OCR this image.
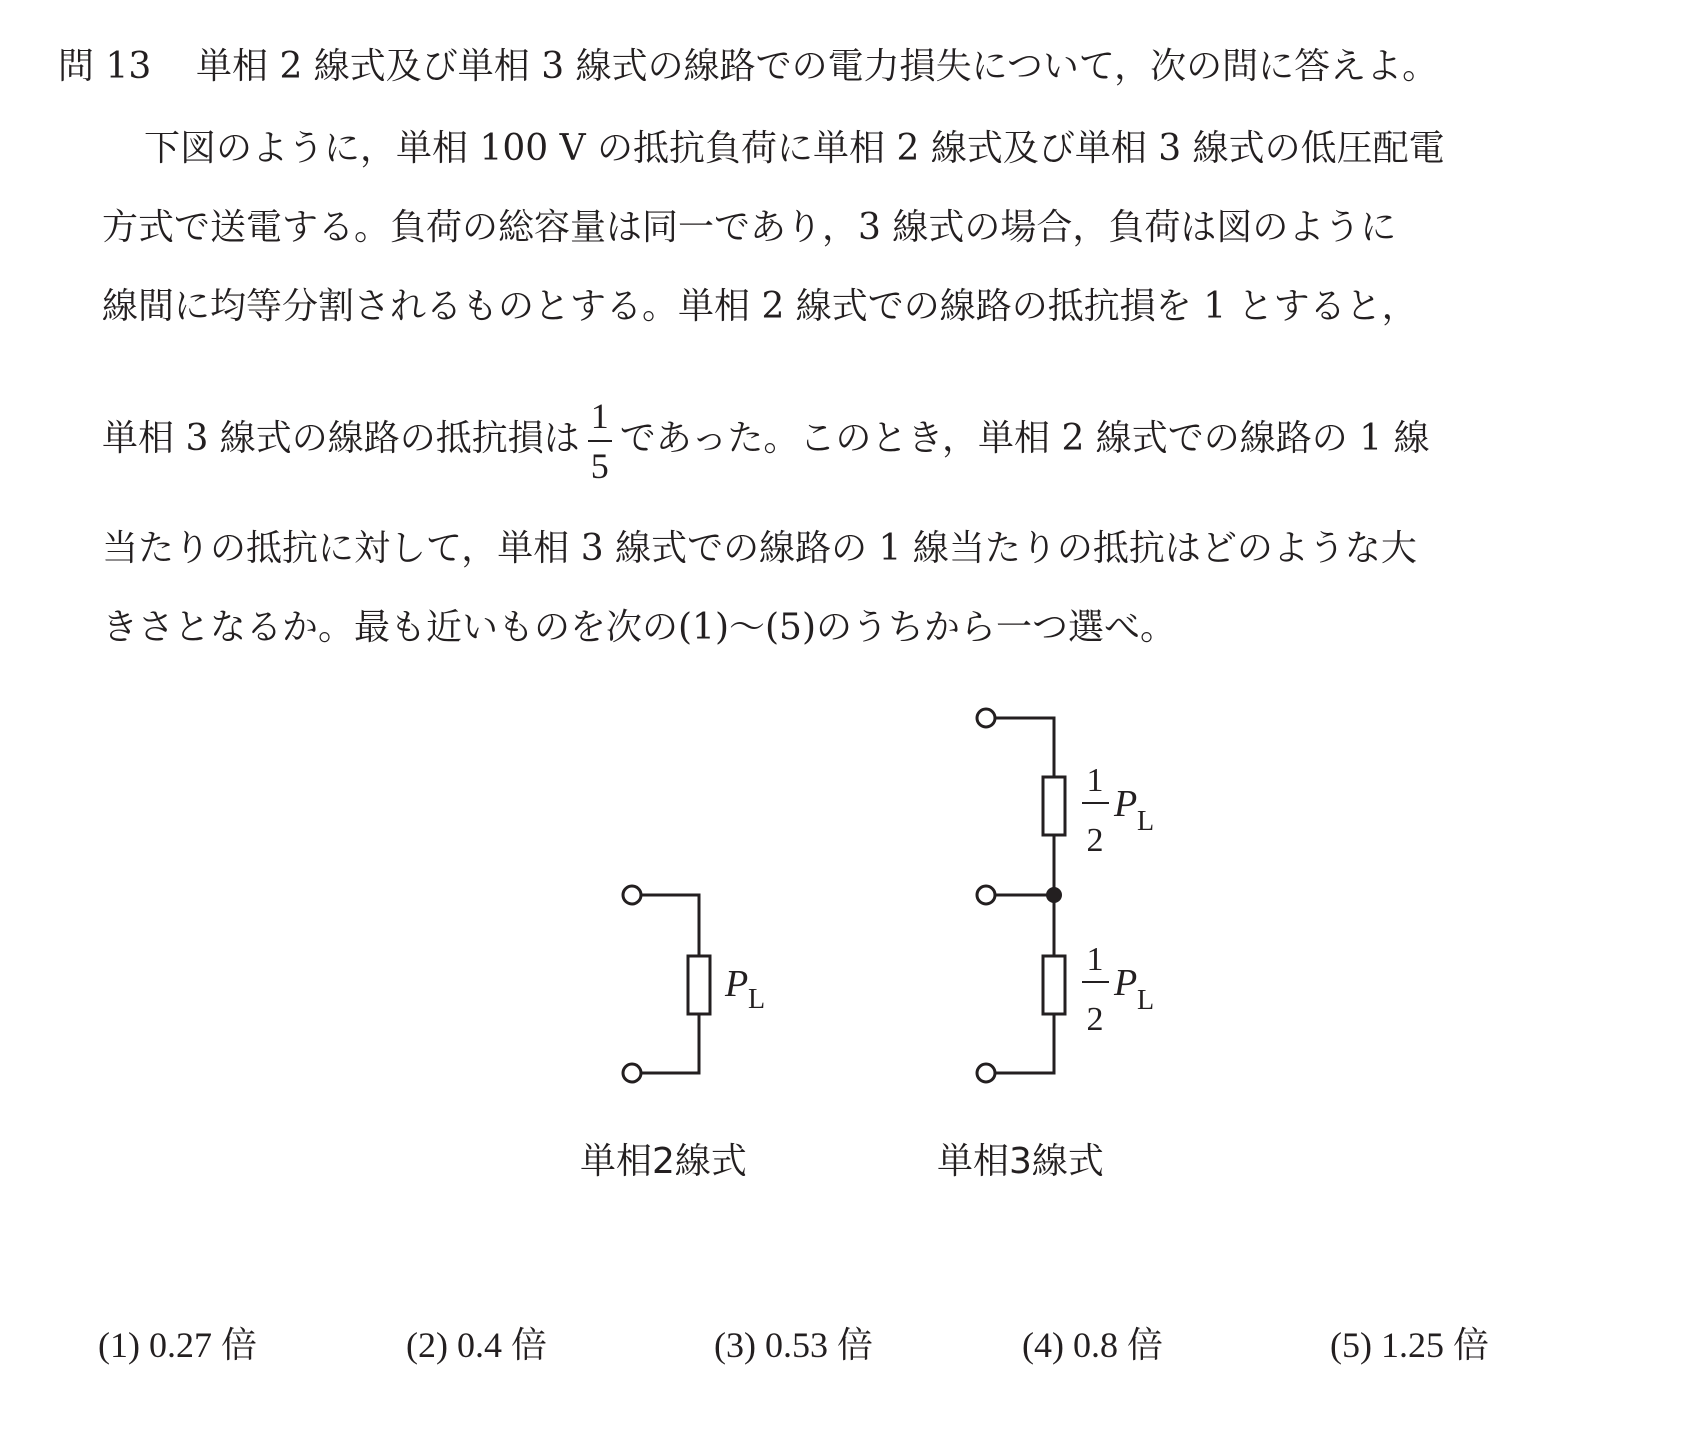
問 13 単相 2 線式及び単相 3 線式の線路での電力損失について，次の問に答えよ。
下図のように，単相 100 V の抵抗負荷に単相 2 線式及び単相 3 線式の低圧配電
方式で送電する。負荷の総容量は同一であり，3 線式の場合，負荷は図のように
線間に均等分割されるものとする。単相 2 線式での線路の抵抗損を 1 とすると，
単相 3 線式の線路の抵抗損は $\frac{1}{5}$ であった。このとき，単相 2 線式での線路の 1 線
当たりの抵抗に対して，単相 3 線式での線路の 1 線当たりの抵抗はどのような大
きさとなるか。最も近いものを次の(1)～(5)のうちから一つ選べ。
P L
1
2
P L
1
2
P L
単相2線式	単相3線式
(1) 0.27 倍	(2) 0.4 倍	(3) 0.53 倍	(4) 0.8 倍	(5) 1.25 倍
